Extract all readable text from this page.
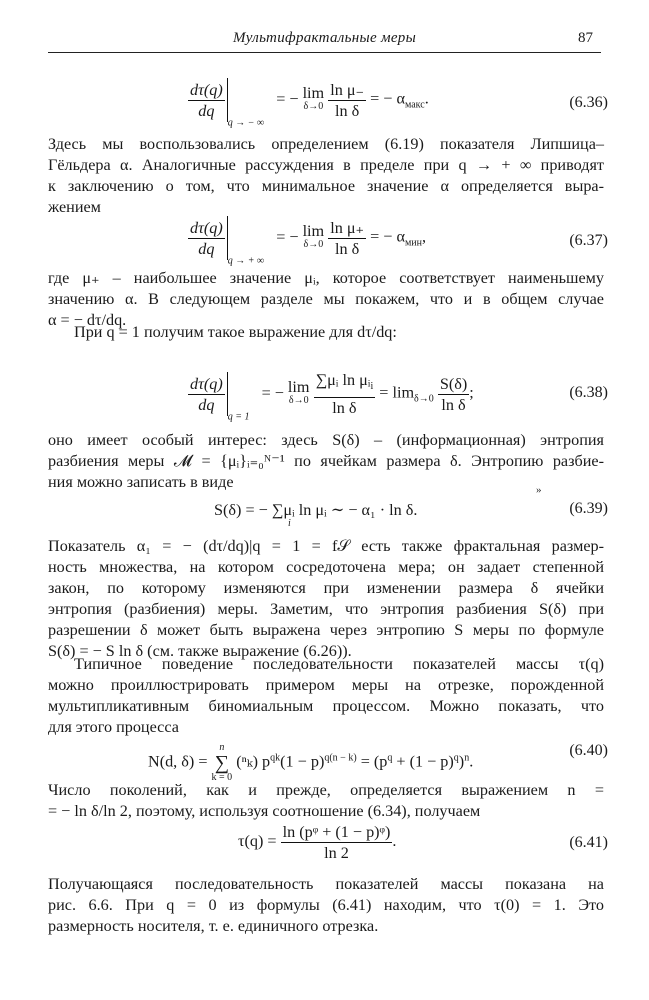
Мультифрактальные меры	87
$\frac{d\tau(q)}{dq}$
$_{q \to - \infty}$ = − lim
δ→0
$\frac{\text{ln μ₋}}{\text{ln δ}}$ = − $\alpha_{макс}$.	(6.36)
Здесь мы воспользовались определением (6.19) показателя Липшица–
Гёльдера α. Аналогичные рассуждения в пределе при q → + ∞ приводят
к заключению о том, что минимальное значение α определяется выра-
жением
$\frac{d\tau(q)}{dq}$
$_{q \to + \infty}$ = − lim
δ→0
$\frac{\text{ln μ₊}}{\text{ln δ}}$ = − $\alpha_{мин}$,	(6.37)
где μ₊ – наибольшее значение μᵢ, которое соответствует наименьшему
значению α. В следующем разделе мы покажем, что и в общем случае
α = − dτ/dq.
При q = 1 получим такое выражение для dτ/dq:
$\frac{d\tau(q)}{dq}$
$_{q = 1}$ = − lim
δ→0
$\frac{\sum\mu ᵢ \ln \mu ᵢ_i}{\text{ln δ}} = \lim_{\delta\to 0} \frac{S(\delta)}{\text{ln δ}}$ ;	(6.38)
оно имеет особый интерес: здесь S(δ) – (информационная) энтропия
разбиения меры 𝓜 = {μᵢ}ᵢ₌₀ᴺ⁻¹ по ячейкам размера δ. Энтропию разбие-
ния можно записать в виде	»
S(δ) = − ∑μᵢ ln μᵢ ∼ − α₁ · ln δ.
i
(6.39)
Показатель α₁ = − (dτ/dq)|q = 1 = f𝒮 есть также фрактальная размер-
ность множества, на котором сосредоточена мера; он задает степенной
закон, по которому изменяются при изменении размера δ ячейки
энтропия (разбиения) меры. Заметим, что энтропия разбиения S(δ) при
разрешении δ может быть выражена через энтропию S меры по формуле
S(δ) = − S ln δ (см. также выражение (6.26)).
Типичное поведение последовательности показателей массы τ(q)
можно проиллюстрировать примером меры на отрезке, порожденной
мультипликативным биномиальным процессом. Можно показать, что
для этого процесса
N(d, δ) =
n
∑
k = 0
(ⁿₖ) $p^{qk}(1 - p)^{q(n - k)} = (p^q + (1 - p)^q)^n$.
(6.40)
Число поколений, как и прежде, определяется выражением n =
= − ln δ/ln 2, поэтому, используя соотношение (6.34), получаем
$\tau(q) = \frac{\text{ln (pᵠ + (1 − p)ᵠ)}}{\ln 2}$ .	(6.41)
Получающаяся последовательность показателей массы показана на
рис. 6.6. При q = 0 из формулы (6.41) находим, что τ(0) = 1. Это
размерность носителя, т. е. единичного отрезка.
